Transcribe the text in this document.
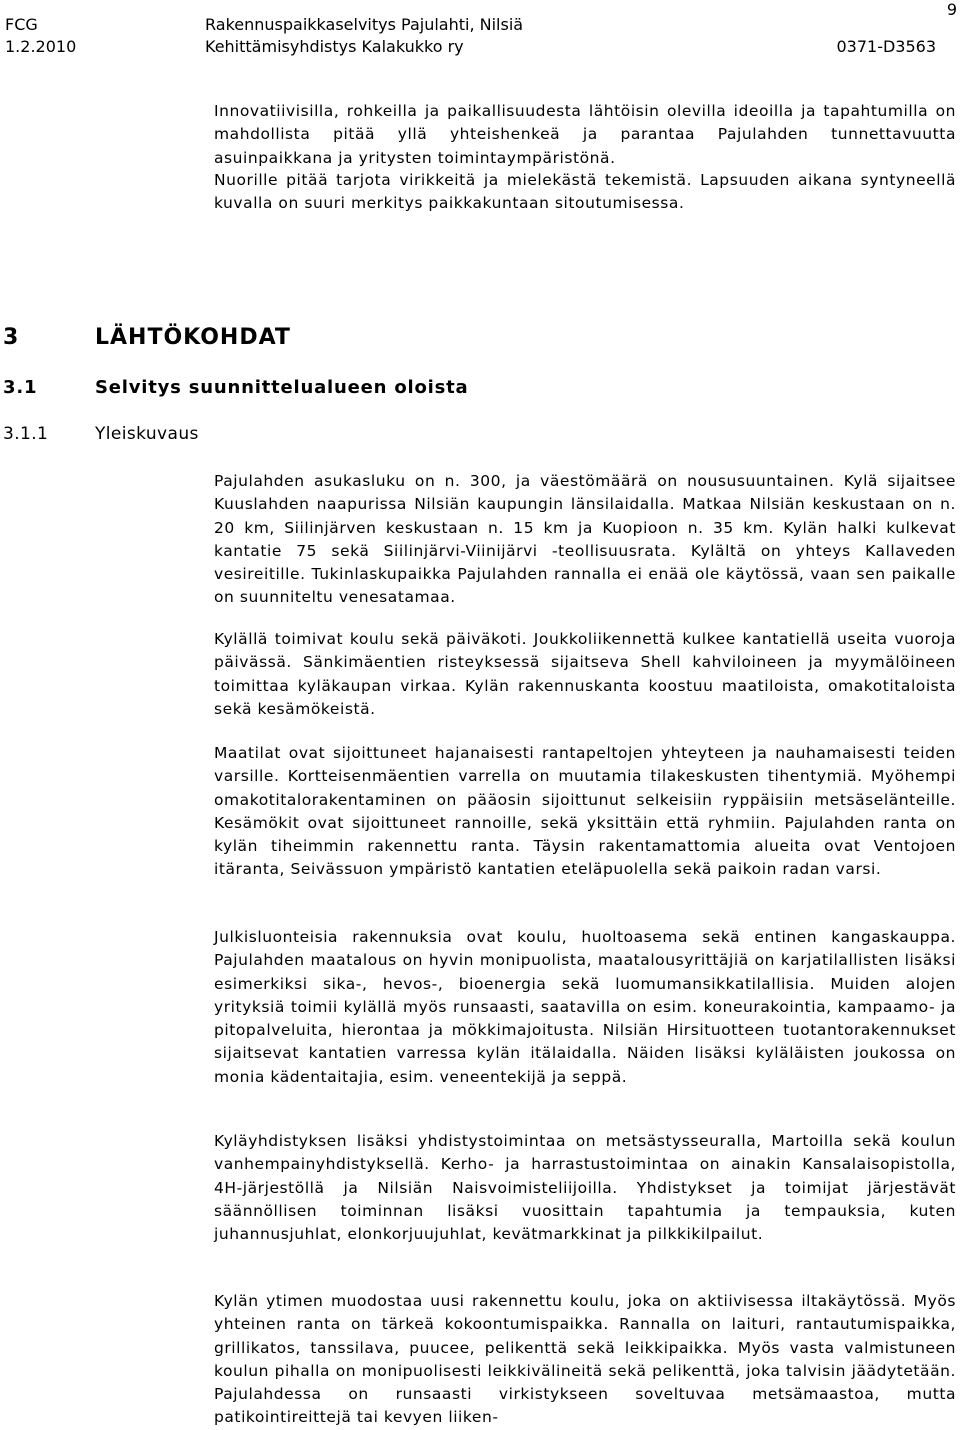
FCG
1.2.2010
Rakennuspaikkaselvitys Pajulahti, Nilsiä
Kehittämisyhdistys Kalakukko ry	0371-D3563
9
Innovatiivisilla, rohkeilla ja paikallisuudesta lähtöisin olevilla ideoilla ja tapahtumilla on mahdollista pitää yllä yhteishenkeä ja parantaa Pajulahden tunnettavuutta asuinpaikkana ja yritysten toimintaympäristönä.
Nuorille pitää tarjota virikkeitä ja mielekästä tekemistä. Lapsuuden aikana syntyneellä kuvalla on suuri merkitys paikkakuntaan sitoutumisessa.
3	LÄHTÖKOHDAT
3.1	Selvitys suunnittelualueen oloista
3.1.1	Yleiskuvaus
Pajulahden asukasluku on n. 300, ja väestömäärä on noususuuntainen. Kylä sijaitsee Kuuslahden naapurissa Nilsiän kaupungin länsilaidalla. Matkaa Nilsiän keskustaan on n. 20 km, Siilinjärven keskustaan n. 15 km ja Kuopioon n. 35 km. Kylän halki kulkevat kantatie 75 sekä Siilinjärvi-Viinijärvi -teollisuusrata. Kylältä on yhteys Kallaveden vesireitille. Tukinlaskupaikka Pajulahden rannalla ei enää ole käytössä, vaan sen paikalle on suunniteltu venesatamaa.
Kylällä toimivat koulu sekä päiväkoti. Joukkoliikennettä kulkee kantatiellä useita vuoroja päivässä. Sänkimäentien risteyksessä sijaitseva Shell kahviloineen ja myymälöineen toimittaa kyläkaupan virkaa. Kylän rakennuskanta koostuu maatiloista, omakotitaloista sekä kesämökeistä.
Maatilat ovat sijoittuneet hajanaisesti rantapeltojen yhteyteen ja nauhamaisesti teiden varsille. Kortteisenmäentien varrella on muutamia tilakeskusten tihentymiä. Myöhempi omakotitalorakentaminen on pääosin sijoittunut selkeisiin ryppäisiin metsäselänteille. Kesämökit ovat sijoittuneet rannoille, sekä yksittäin että ryhmiin. Pajulahden ranta on kylän tiheimmin rakennettu ranta. Täysin rakentamattomia alueita ovat Ventojoen itäranta, Seivässuon ympäristö kantatien eteläpuolella sekä paikoin radan varsi.
Julkisluonteisia rakennuksia ovat koulu, huoltoasema sekä entinen kangaskauppa. Pajulahden maatalous on hyvin monipuolista, maatalousyrittäjiä on karjatilallisten lisäksi esimerkiksi sika-, hevos-, bioenergia sekä luomumansikkatilallisia. Muiden alojen yrityksiä toimii kylällä myös runsaasti, saatavilla on esim. koneurakointia, kampaamo- ja pitopalveluita, hierontaa ja mökkimajoitusta. Nilsiän Hirsituotteen tuotantorakennukset sijaitsevat kantatien varressa kylän itälaidalla. Näiden lisäksi kyläläisten joukossa on monia kädentaitajia, esim. veneentekijä ja seppä.
Kyläyhdistyksen lisäksi yhdistystoimintaa on metsästysseuralla, Martoilla sekä koulun vanhempainyhdistyksellä. Kerho- ja harrastustoimintaa on ainakin Kansalaisopistolla, 4H-järjestöllä ja Nilsiän Naisvoimisteliijoilla. Yhdistykset ja toimijat järjestävät säännöllisen toiminnan lisäksi vuosittain tapahtumia ja tempauksia, kuten juhannusjuhlat, elonkorjuujuhlat, kevätmarkkinat ja pilkkikilpailut.
Kylän ytimen muodostaa uusi rakennettu koulu, joka on aktiivisessa iltakäytössä. Myös yhteinen ranta on tärkeä kokoontumispaikka. Rannalla on laituri, rantautumispaikka, grillikatos, tanssilava, puucee, pelikenttä sekä leikkipaikka. Myös vasta valmistuneen koulun pihalla on monipuolisesti leikkivälineitä sekä pelikenttä, joka talvisin jäädytetään. Pajulahdessa on runsaasti virkistykseen soveltuvaa metsämaastoa, mutta patikointireittejä tai kevyen liiken-
